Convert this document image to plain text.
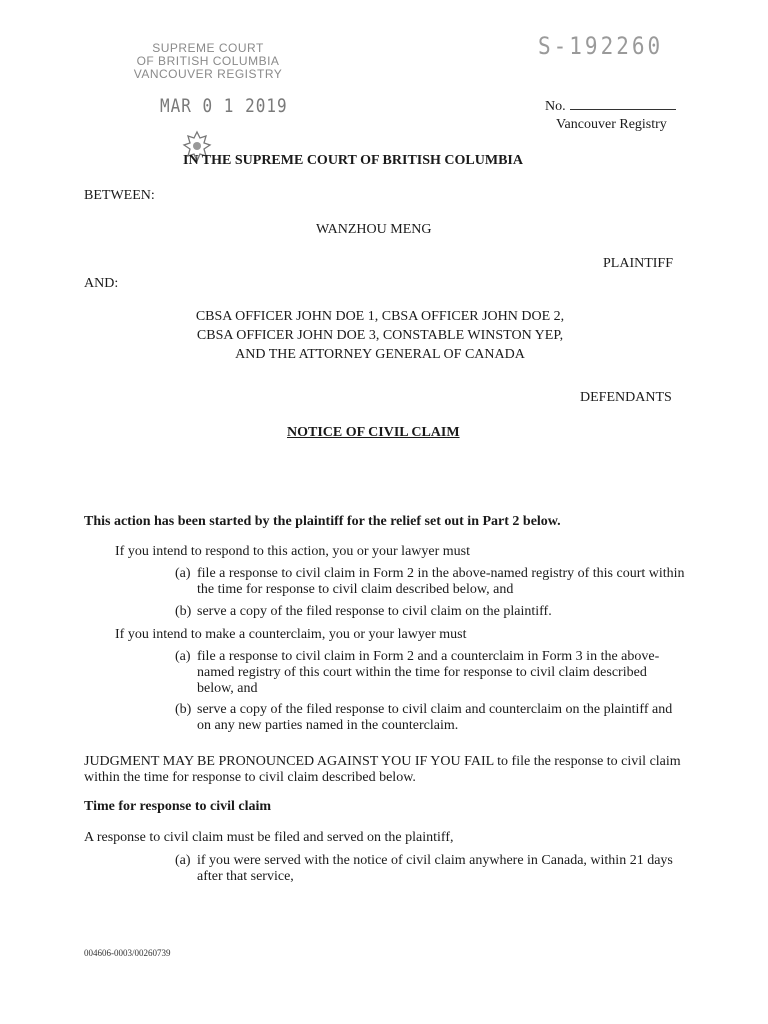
SUPREME COURT
OF BRITISH COLUMBIA
VANCOUVER REGISTRY
MAR 0 1 2019
S-192260
No.
Vancouver Registry
IN THE SUPREME COURT OF BRITISH COLUMBIA
BETWEEN:
WANZHOU MENG
PLAINTIFF
AND:
CBSA OFFICER JOHN DOE 1, CBSA OFFICER JOHN DOE 2,
CBSA OFFICER JOHN DOE 3, CONSTABLE WINSTON YEP,
AND THE ATTORNEY GENERAL OF CANADA
DEFENDANTS
NOTICE OF CIVIL CLAIM
This action has been started by the plaintiff for the relief set out in Part 2 below.
If you intend to respond to this action, you or your lawyer must
(a) file a response to civil claim in Form 2 in the above-named registry of this court within the time for response to civil claim described below, and
(b) serve a copy of the filed response to civil claim on the plaintiff.
If you intend to make a counterclaim, you or your lawyer must
(a) file a response to civil claim in Form 2 and a counterclaim in Form 3 in the above-named registry of this court within the time for response to civil claim described below, and
(b) serve a copy of the filed response to civil claim and counterclaim on the plaintiff and on any new parties named in the counterclaim.
JUDGMENT MAY BE PRONOUNCED AGAINST YOU IF YOU FAIL to file the response to civil claim within the time for response to civil claim described below.
Time for response to civil claim
A response to civil claim must be filed and served on the plaintiff,
(a) if you were served with the notice of civil claim anywhere in Canada, within 21 days after that service,
004606-0003/00260739
